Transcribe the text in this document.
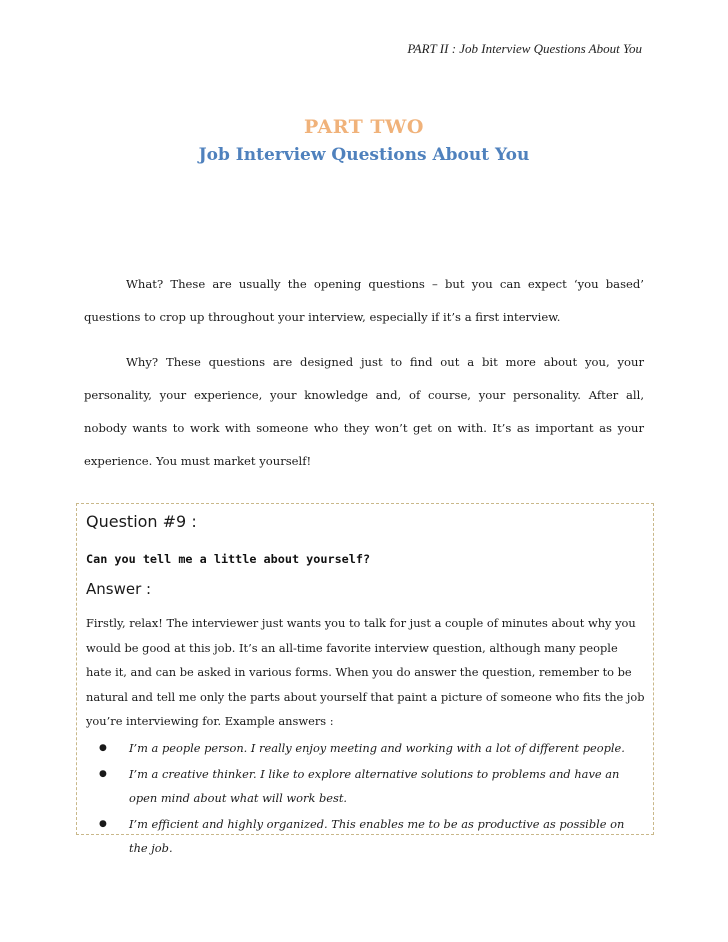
PART II : Job Interview Questions About You
PART TWO
Job Interview Questions About You

What? These are usually the opening questions – but you can expect ‘you based’ questions to crop up throughout your interview, especially if it’s a first interview.

Why? These questions are designed just to find out a bit more about you, your personality, your experience, your knowledge and, of course, your personality. After all, nobody wants to work with someone who they won’t get on with. It’s as important as your experience. You must market yourself!

Question #9 :
Can you tell me a little about yourself?
Answer :

Firstly, relax! The interviewer just wants you to talk for just a couple of minutes about why you would be good at this job. It’s an all-time favorite interview question, although many people hate it, and can be asked in various forms. When you do answer the question, remember to be natural and tell me only the parts about yourself that paint a picture of someone who fits the job you’re interviewing for. Example answers :

● I’m a people person. I really enjoy meeting and working with a lot of different people.
● I’m a creative thinker. I like to explore alternative solutions to problems and have an open mind about what will work best.
● I’m efficient and highly organized. This enables me to be as productive as possible on the job.
